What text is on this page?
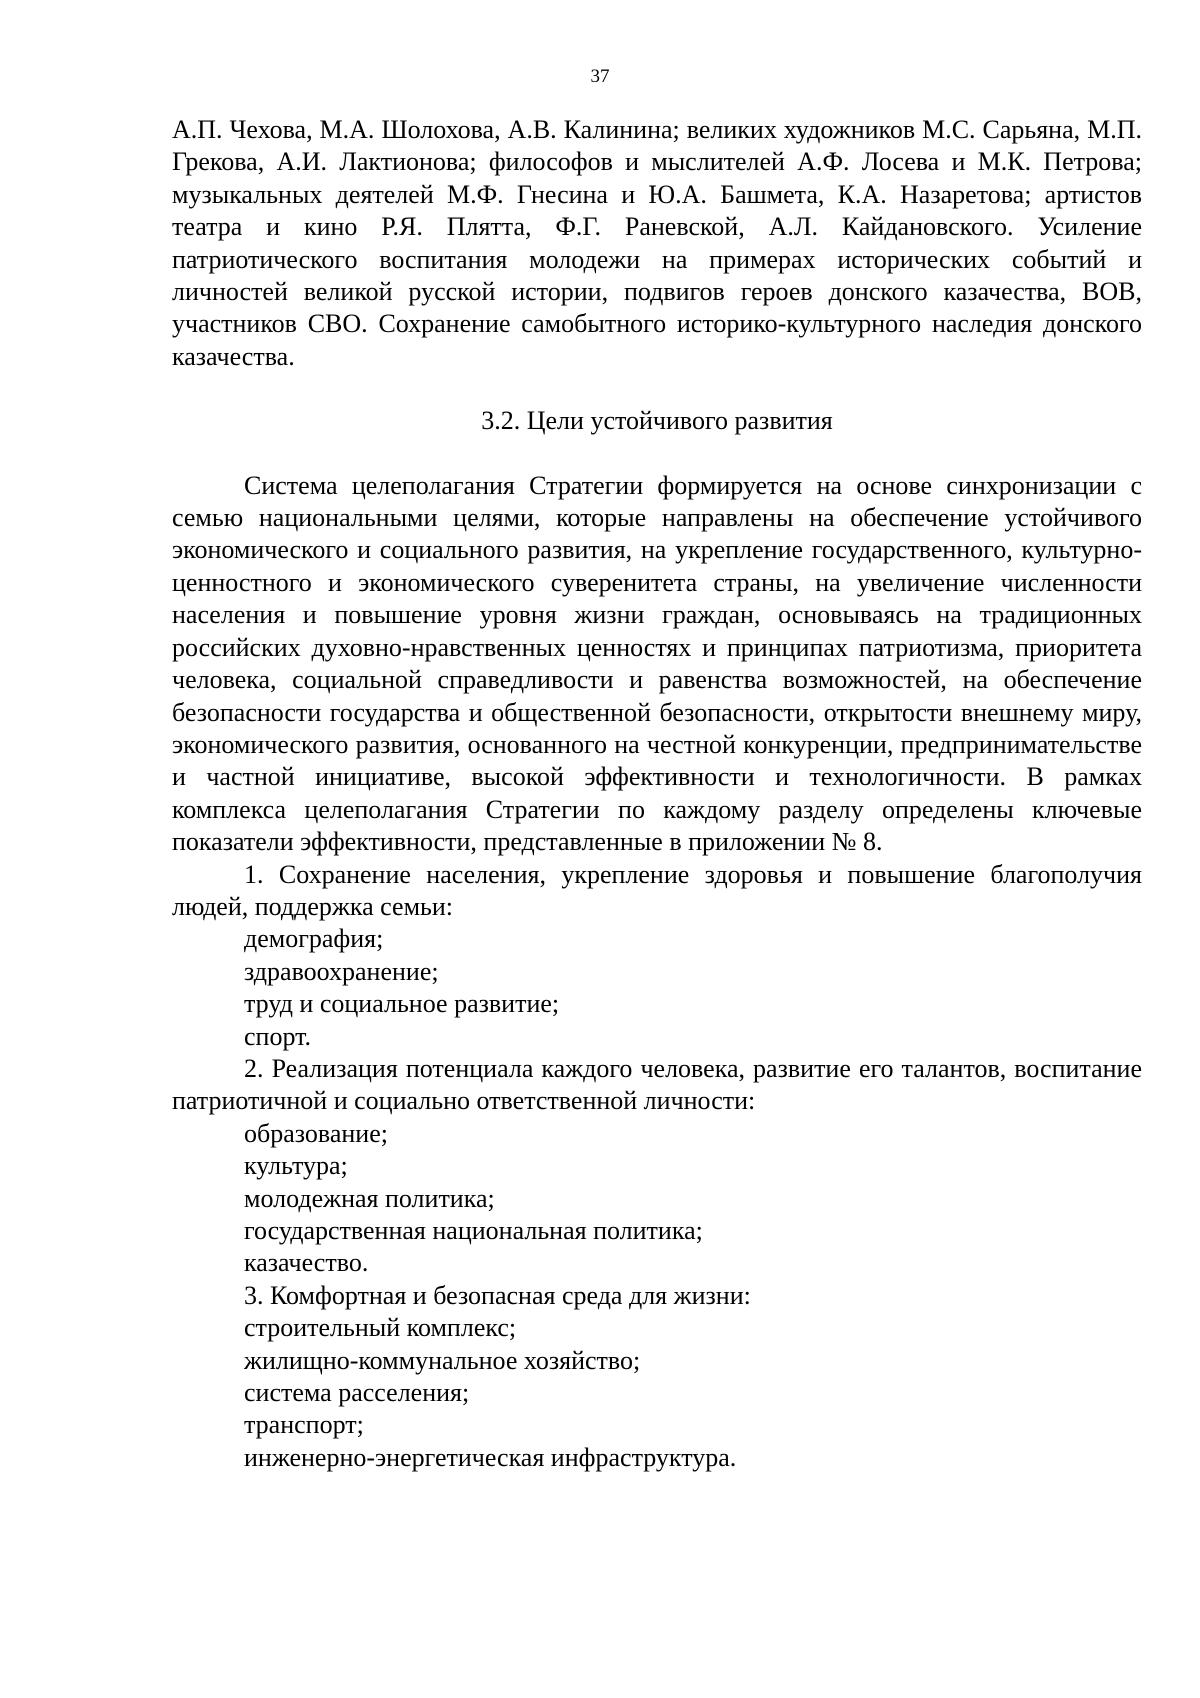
37

А.П. Чехова, М.А. Шолохова, А.В. Калинина; великих художников М.С. Сарьяна, М.П. Грекова, А.И. Лактионова; философов и мыслителей А.Ф. Лосева и М.К. Петрова; музыкальных деятелей М.Ф. Гнесина и Ю.А. Башмета, К.А. Назаретова; артистов театра и кино Р.Я. Плятта, Ф.Г. Раневской, А.Л. Кайдановского. Усиление патриотического воспитания молодежи на примерах исторических событий и личностей великой русской истории, подвигов героев донского казачества, ВОВ, участников СВО. Сохранение самобытного историко-культурного наследия донского казачества.

3.2. Цели устойчивого развития

Система целеполагания Стратегии формируется на основе синхронизации с семью национальными целями, которые направлены на обеспечение устойчивого экономического и социального развития, на укрепление государственного, культурно-ценностного и экономического суверенитета страны, на увеличение численности населения и повышение уровня жизни граждан, основываясь на традиционных российских духовно-нравственных ценностях и принципах патриотизма, приоритета человека, социальной справедливости и равенства возможностей, на обеспечение безопасности государства и общественной безопасности, открытости внешнему миру, экономического развития, основанного на честной конкуренции, предпринимательстве и частной инициативе, высокой эффективности и технологичности. В рамках комплекса целеполагания Стратегии по каждому разделу определены ключевые показатели эффективности, представленные в приложении № 8.

1. Сохранение населения, укрепление здоровья и повышение благополучия людей, поддержка семьи:

демография;

здравоохранение;

труд и социальное развитие;

спорт.

2. Реализация потенциала каждого человека, развитие его талантов, воспитание патриотичной и социально ответственной личности:

образование;

культура;

молодежная политика;

государственная национальная политика;

казачество.

3. Комфортная и безопасная среда для жизни:

строительный комплекс;

жилищно-коммунальное хозяйство;

система расселения;

транспорт;

инженерно-энергетическая инфраструктура.
